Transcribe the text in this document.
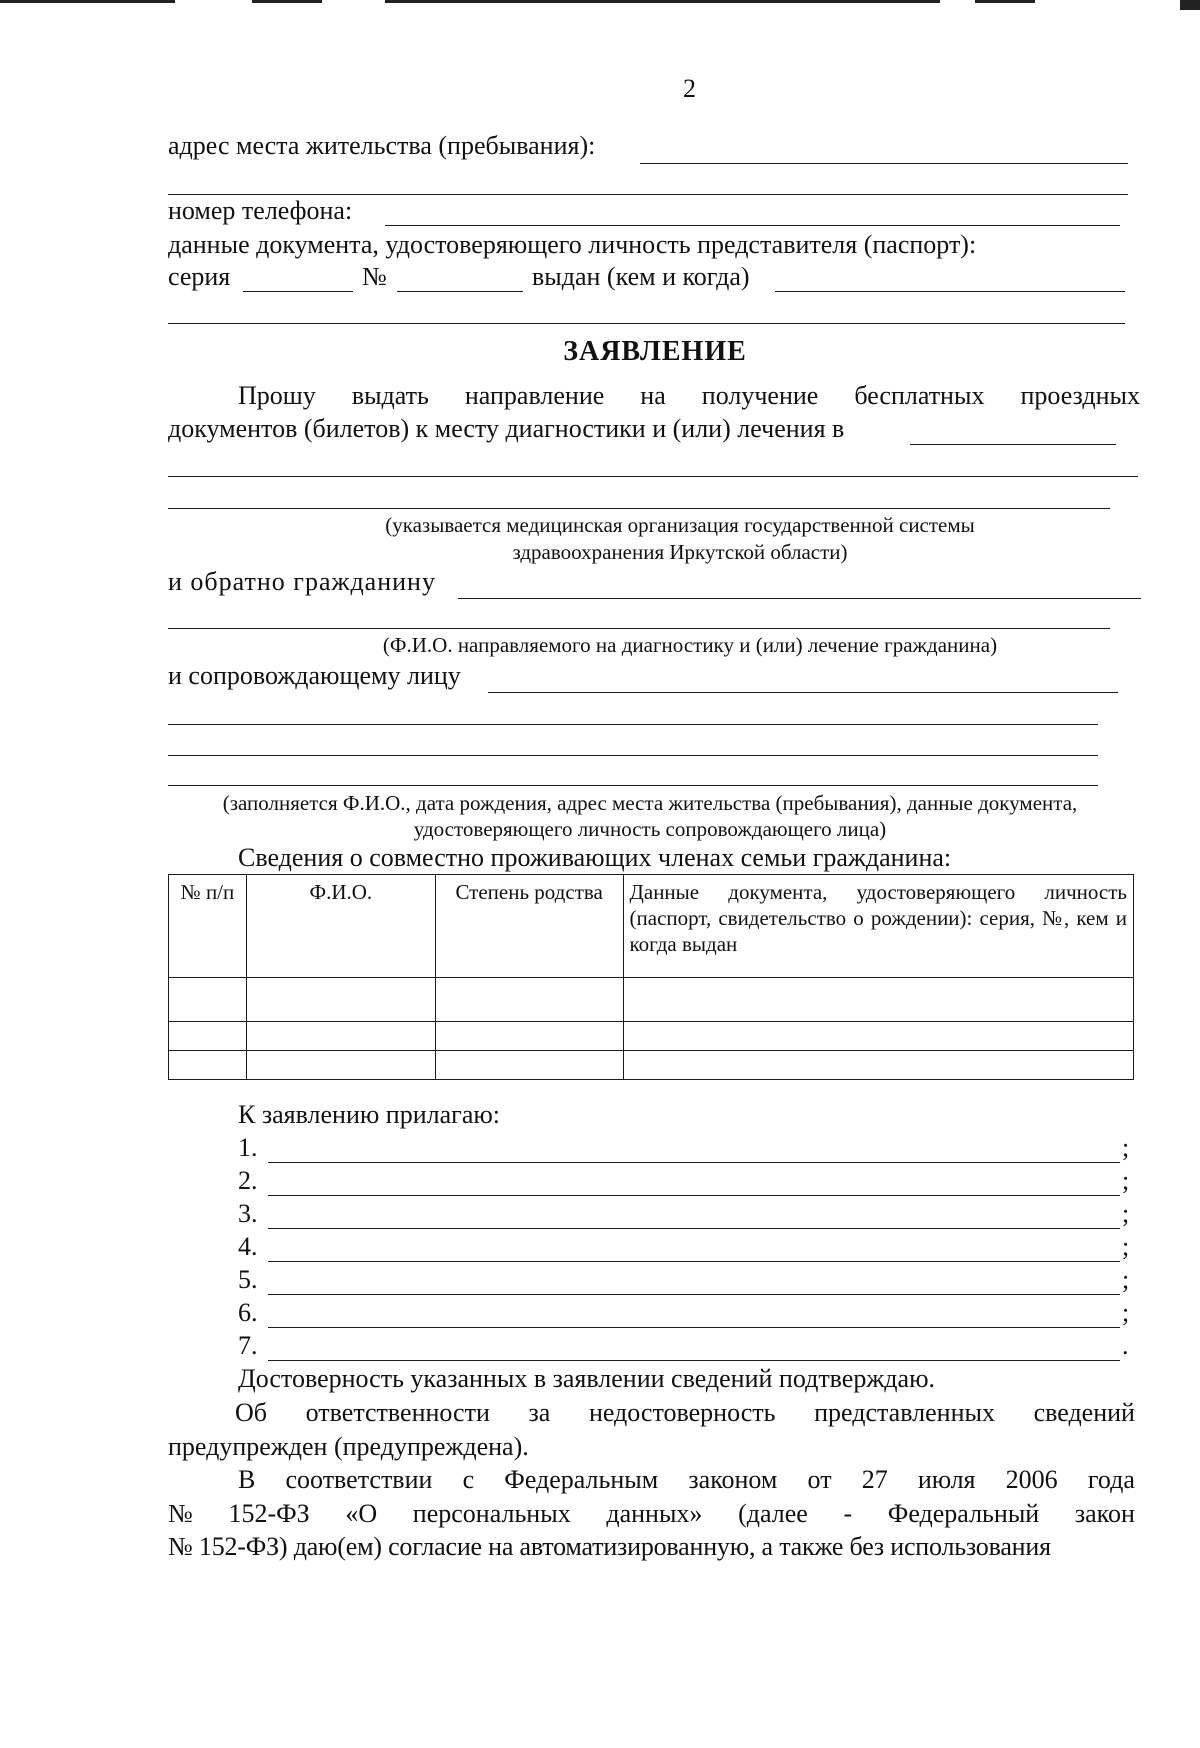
2
адрес места жительства (пребывания):
номер телефона:
данные документа, удостоверяющего личность представителя (паспорт):
серия	№	выдан (кем и когда)
ЗАЯВЛЕНИЕ
Прошу выдать направление на получение бесплатных проездных
документов (билетов) к месту диагностики и (или) лечения в
(указывается медицинская организация государственной системы
здравоохранения Иркутской области)
и обратно гражданину
(Ф.И.О. направляемого на диагностику и (или) лечение гражданина)
и сопровождающему лицу
(заполняется Ф.И.О., дата рождения, адрес места жительства (пребывания), данные документа,
удостоверяющего личность сопровождающего лица)
Сведения о совместно проживающих членах семьи гражданина:
№ п/п	Ф.И.О.	Степень родства	Данные документа, удостоверяющего личность (паспорт, свидетельство о рождении): серия, №, кем и когда выдан

К заявлению прилагаю:
1.	;
2.	;
3.	;
4.	;
5.	;
6.	;
7.	.
Достоверность указанных в заявлении сведений подтверждаю.
Об ответственности за недостоверность представленных сведений
предупрежден (предупреждена).
В соответствии с Федеральным законом от 27 июля 2006 года
№ 152-ФЗ «О персональных данных» (далее - Федеральный закон
№ 152-ФЗ) даю(ем) согласие на автоматизированную, а также без использования
